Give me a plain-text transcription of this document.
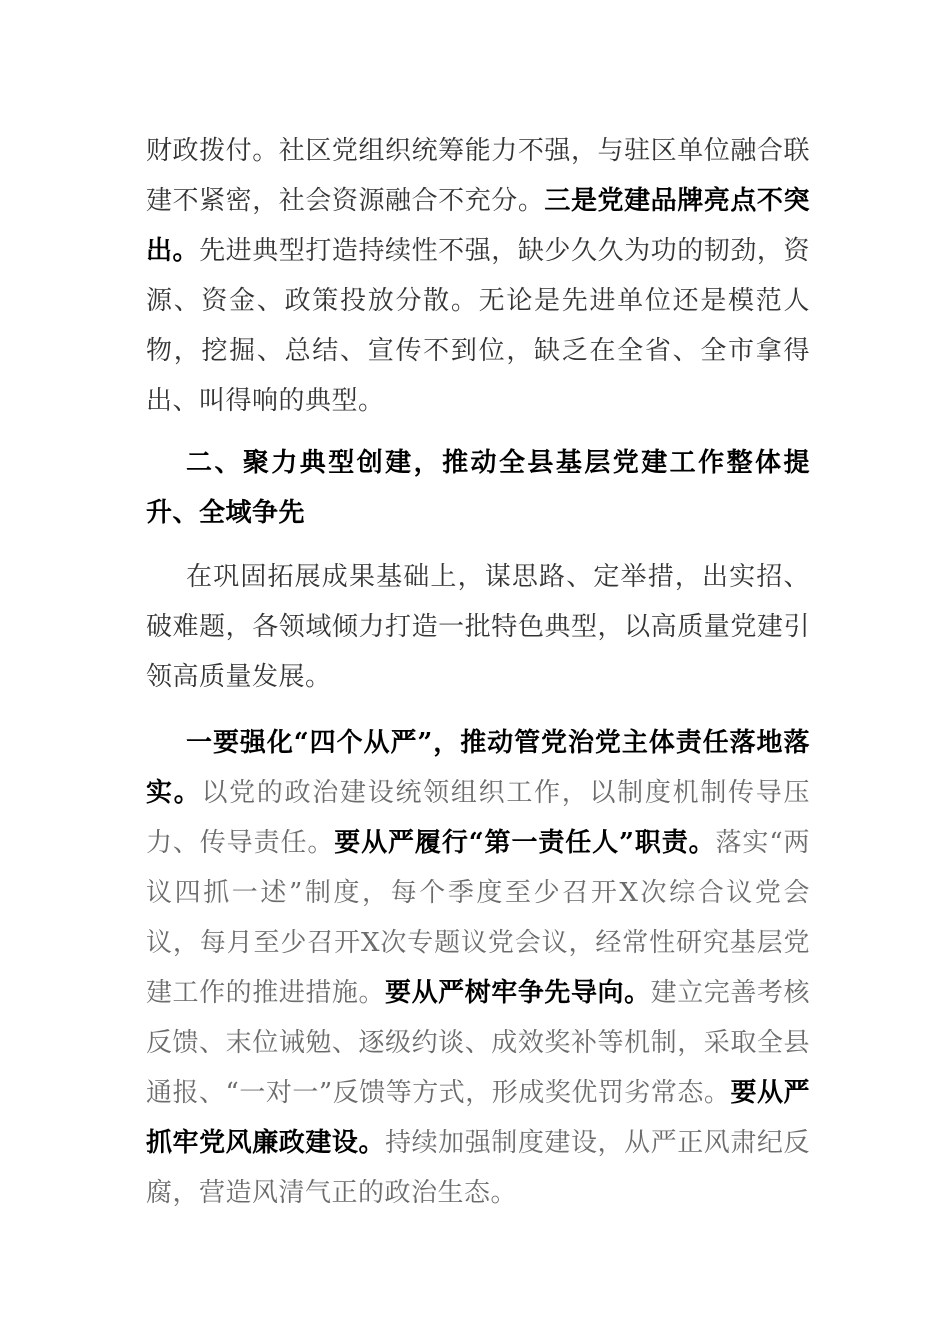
财政拨付。社区党组织统筹能力不强，与驻区单位融合联建不紧密，社会资源融合不充分。三是党建品牌亮点不突出。先进典型打造持续性不强，缺少久久为功的韧劲，资源、资金、政策投放分散。无论是先进单位还是模范人物，挖掘、总结、宣传不到位，缺乏在全省、全市拿得出、叫得响的典型。

二、聚力典型创建，推动全县基层党建工作整体提升、全域争先

在巩固拓展成果基础上，谋思路、定举措，出实招、破难题，各领域倾力打造一批特色典型，以高质量党建引领高质量发展。

一要强化“四个从严”，推动管党治党主体责任落地落实。以党的政治建设统领组织工作，以制度机制传导压力、传导责任。要从严履行“第一责任人”职责。落实“两议四抓一述”制度，每个季度至少召开X次综合议党会议，每月至少召开X次专题议党会议，经常性研究基层党建工作的推进措施。要从严树牢争先导向。建立完善考核反馈、末位诫勉、逐级约谈、成效奖补等机制，采取全县通报、“一对一”反馈等方式，形成奖优罚劣常态。要从严抓牢党风廉政建设。持续加强制度建设，从严正风肃纪反腐，营造风清气正的政治生态。
